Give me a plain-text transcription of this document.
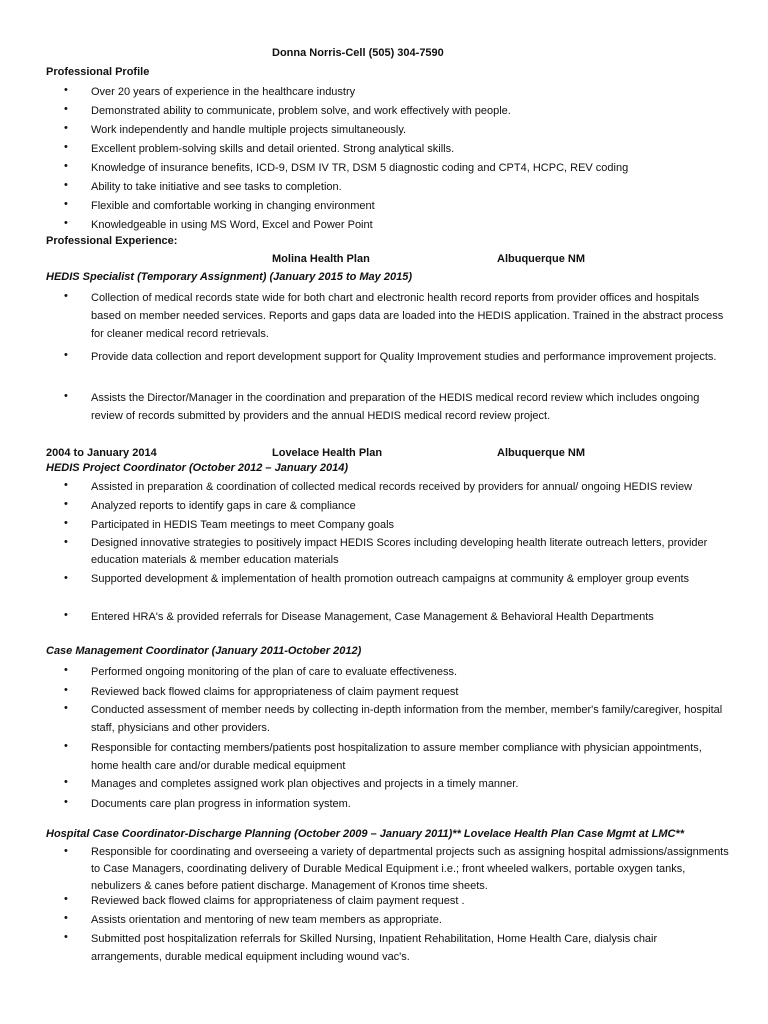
Donna Norris-Cell (505) 304-7590
Professional Profile
• Over 20 years of experience in the healthcare industry
• Demonstrated ability to communicate, problem solve, and work effectively with people.
• Work independently and handle multiple projects simultaneously.
• Excellent problem-solving skills and detail oriented. Strong analytical skills.
• Knowledge of insurance benefits, ICD-9, DSM IV TR, DSM 5 diagnostic coding and CPT4, HCPC, REV coding
• Ability to take initiative and see tasks to completion.
• Flexible and comfortable working in changing environment
• Knowledgeable in using MS Word, Excel and Power Point
Professional Experience:
Molina Health Plan	Albuquerque NM
HEDIS Specialist (Temporary Assignment) (January 2015 to May 2015)
• Collection of medical records state wide for both chart and electronic health record reports from provider offices and hospitals based on member needed services. Reports and gaps data are loaded into the HEDIS application. Trained in the abstract process for cleaner medical record retrievals.
• Provide data collection and report development support for Quality Improvement studies and performance improvement projects.
• Assists the Director/Manager in the coordination and preparation of the HEDIS medical record review which includes ongoing review of records submitted by providers and the annual HEDIS medical record review project.
2004 to January 2014	Lovelace Health Plan	Albuquerque NM
HEDIS Project Coordinator (October 2012 – January 2014)
• Assisted in preparation & coordination of collected medical records received by providers for annual/ ongoing HEDIS review
• Analyzed reports to identify gaps in care & compliance
• Participated in HEDIS Team meetings to meet Company goals
• Designed innovative strategies to positively impact HEDIS Scores including developing health literate outreach letters, provider education materials & member education materials
• Supported development & implementation of health promotion outreach campaigns at community & employer group events
• Entered HRA's & provided referrals for Disease Management, Case Management & Behavioral Health Departments
Case Management Coordinator (January 2011-October 2012)
• Performed ongoing monitoring of the plan of care to evaluate effectiveness.
• Reviewed back flowed claims for appropriateness of claim payment request
• Conducted assessment of member needs by collecting in-depth information from the member, member's family/caregiver, hospital staff, physicians and other providers.
• Responsible for contacting members/patients post hospitalization to assure member compliance with physician appointments, home health care and/or durable medical equipment
• Manages and completes assigned work plan objectives and projects in a timely manner.
• Documents care plan progress in information system.
Hospital Case Coordinator-Discharge Planning (October 2009 – January 2011)** Lovelace Health Plan Case Mgmt at LMC**
• Responsible for coordinating and overseeing a variety of departmental projects such as assigning hospital admissions/assignments to Case Managers, coordinating delivery of Durable Medical Equipment i.e.; front wheeled walkers, portable oxygen tanks, nebulizers & canes before patient discharge. Management of Kronos time sheets.
• Reviewed back flowed claims for appropriateness of claim payment request .
• Assists orientation and mentoring of new team members as appropriate.
• Submitted post hospitalization referrals for Skilled Nursing, Inpatient Rehabilitation, Home Health Care, dialysis chair arrangements, durable medical equipment including wound vac's.
